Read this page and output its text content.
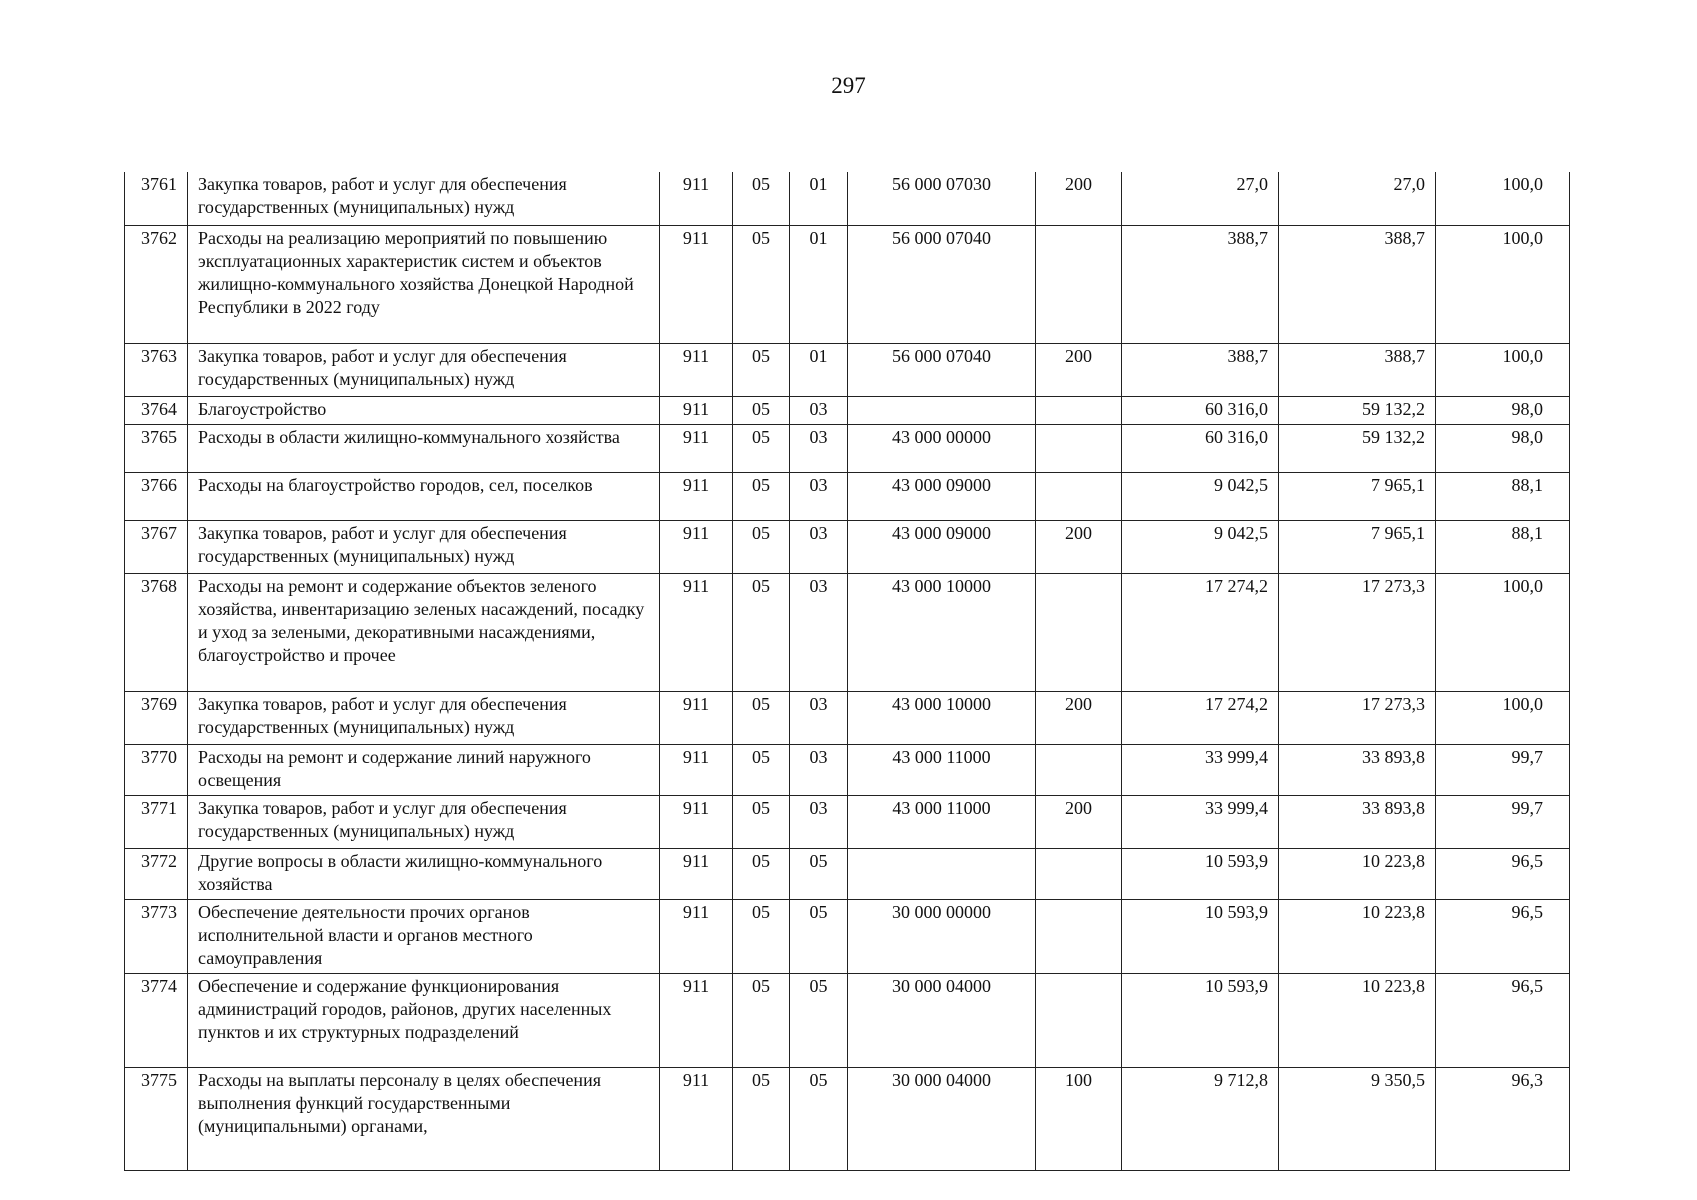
297
3761	Закупка товаров, работ и услуг для обеспечения государственных (муниципальных) нужд	911	05	01	56 000 07030	200	27,0	27,0	100,0
3762	Расходы на реализацию мероприятий по повышению эксплуатационных характеристик систем и объектов жилищно-коммунального хозяйства Донецкой Народной Республики в 2022 году	911	05	01	56 000 07040		388,7	388,7	100,0
3763	Закупка товаров, работ и услуг для обеспечения государственных (муниципальных) нужд	911	05	01	56 000 07040	200	388,7	388,7	100,0
3764	Благоустройство	911	05	03			60 316,0	59 132,2	98,0
3765	Расходы в области жилищно-коммунального хозяйства	911	05	03	43 000 00000		60 316,0	59 132,2	98,0
3766	Расходы на благоустройство городов, сел, поселков	911	05	03	43 000 09000		9 042,5	7 965,1	88,1
3767	Закупка товаров, работ и услуг для обеспечения государственных (муниципальных) нужд	911	05	03	43 000 09000	200	9 042,5	7 965,1	88,1
3768	Расходы на ремонт и содержание объектов зеленого хозяйства, инвентаризацию зеленых насаждений, посадку и уход за зелеными, декоративными насаждениями, благоустройство и прочее	911	05	03	43 000 10000		17 274,2	17 273,3	100,0
3769	Закупка товаров, работ и услуг для обеспечения государственных (муниципальных) нужд	911	05	03	43 000 10000	200	17 274,2	17 273,3	100,0
3770	Расходы на ремонт и содержание линий наружного освещения	911	05	03	43 000 11000		33 999,4	33 893,8	99,7
3771	Закупка товаров, работ и услуг для обеспечения государственных (муниципальных) нужд	911	05	03	43 000 11000	200	33 999,4	33 893,8	99,7
3772	Другие вопросы в области жилищно-коммунального хозяйства	911	05	05			10 593,9	10 223,8	96,5
3773	Обеспечение деятельности прочих органов исполнительной власти и органов местного самоуправления	911	05	05	30 000 00000		10 593,9	10 223,8	96,5
3774	Обеспечение и содержание функционирования администраций городов, районов, других населенных пунктов и их структурных подразделений	911	05	05	30 000 04000		10 593,9	10 223,8	96,5
3775	Расходы на выплаты персоналу в целях обеспечения выполнения функций государственными (муниципальными) органами,	911	05	05	30 000 04000	100	9 712,8	9 350,5	96,3
